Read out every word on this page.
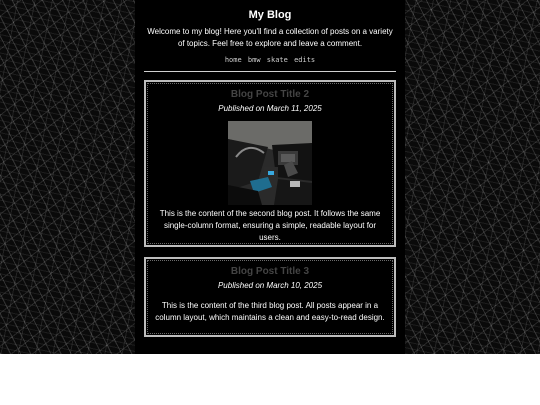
My Blog

Welcome to my blog! Here you'll find a collection of posts on a variety of topics. Feel free to explore and leave a comment.

home bmw skate edits
Blog Post Title 2

Published on March 11, 2025

This is the content of the second blog post. It follows the same single-column format, ensuring a simple, readable layout for users.

Blog Post Title 3

Published on March 10, 2025

This is the content of the third blog post. All posts appear in a column layout, which maintains a clean and easy-to-read design.
